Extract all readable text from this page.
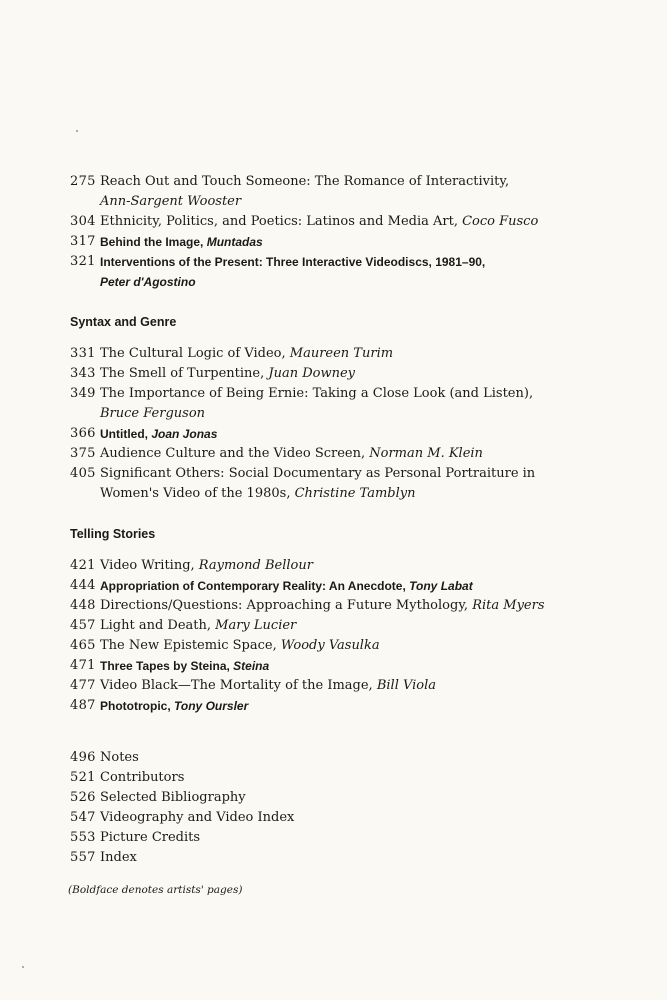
275 Reach Out and Touch Someone: The Romance of Interactivity,
Ann-Sargent Wooster
304 Ethnicity, Politics, and Poetics: Latinos and Media Art, Coco Fusco
317 Behind the Image, Muntadas
321 Interventions of the Present: Three Interactive Videodiscs, 1981–90,
Peter d'Agostino
Syntax and Genre
331 The Cultural Logic of Video, Maureen Turim
343 The Smell of Turpentine, Juan Downey
349 The Importance of Being Ernie: Taking a Close Look (and Listen),
Bruce Ferguson
366 Untitled, Joan Jonas
375 Audience Culture and the Video Screen, Norman M. Klein
405 Significant Others: Social Documentary as Personal Portraiture in
Women's Video of the 1980s, Christine Tamblyn
Telling Stories
421 Video Writing, Raymond Bellour
444 Appropriation of Contemporary Reality: An Anecdote, Tony Labat
448 Directions/Questions: Approaching a Future Mythology, Rita Myers
457 Light and Death, Mary Lucier
465 The New Epistemic Space, Woody Vasulka
471 Three Tapes by Steina, Steina
477 Video Black—The Mortality of the Image, Bill Viola
487 Phototropic, Tony Oursler
496 Notes
521 Contributors
526 Selected Bibliography
547 Videography and Video Index
553 Picture Credits
557 Index
(Boldface denotes artists' pages)
